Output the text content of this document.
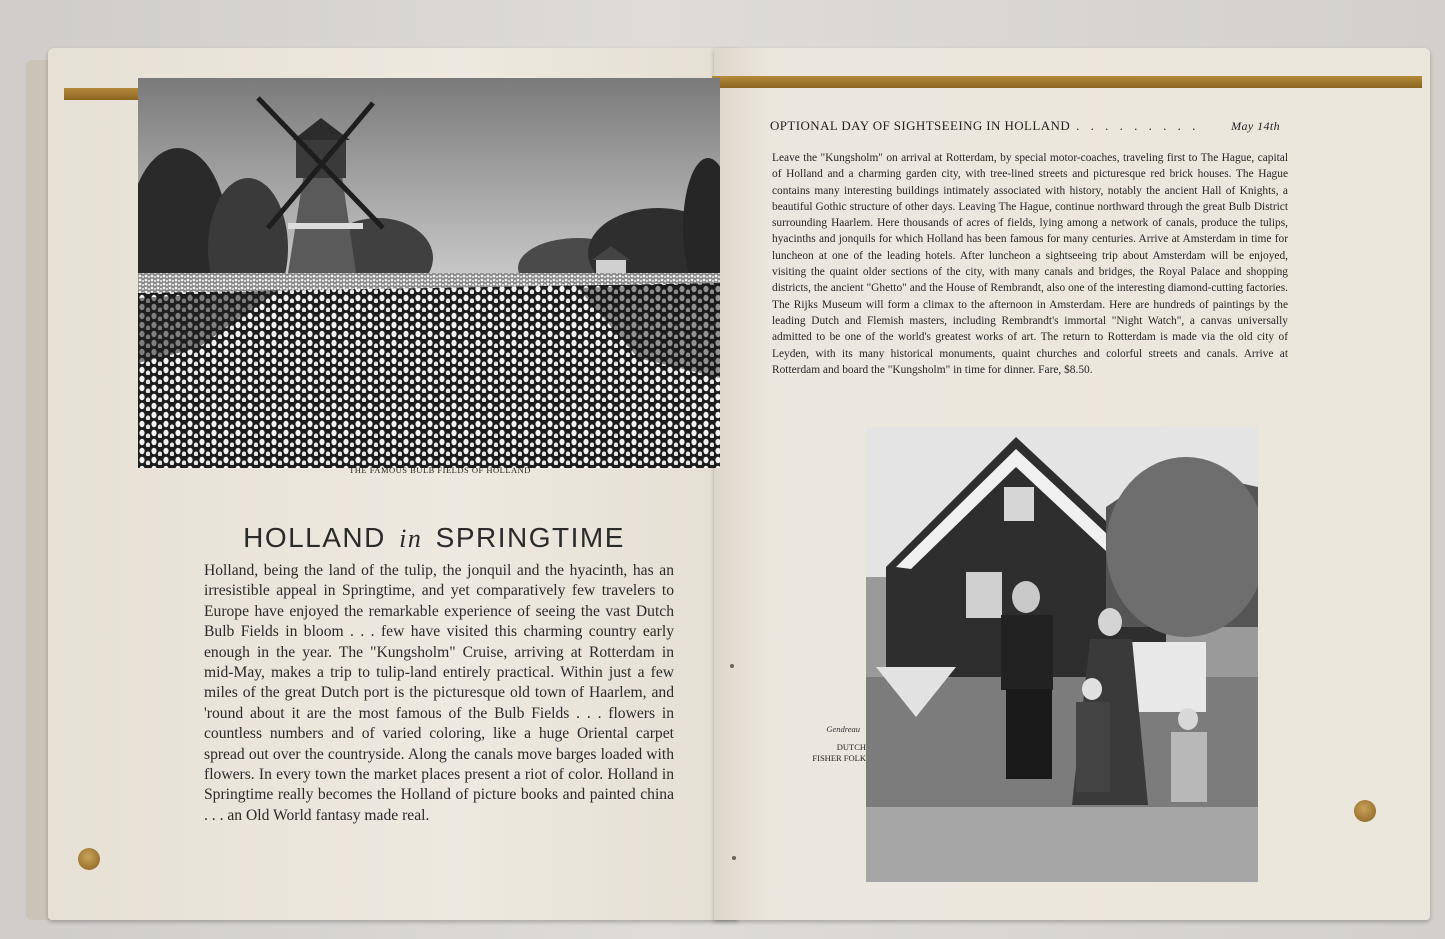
THE FAMOUS BULB FIELDS OF HOLLAND
HOLLAND in SPRINGTIME

Holland, being the land of the tulip, the jonquil and the hyacinth, has an irresistible appeal in Springtime, and yet comparatively few travelers to Europe have enjoyed the remarkable experience of seeing the vast Dutch Bulb Fields in bloom . . . few have visited this charming country early enough in the year. The "Kungsholm" Cruise, arriving at Rotterdam in mid-May, makes a trip to tulip-land entirely practical. Within just a few miles of the great Dutch port is the picturesque old town of Haarlem, and 'round about it are the most famous of the Bulb Fields . . . flowers in countless numbers and of varied coloring, like a huge Oriental carpet spread out over the countryside. Along the canals move barges loaded with flowers. In every town the market places present a riot of color. Holland in Springtime really becomes the Holland of picture books and painted china . . . an Old World fantasy made real.

OPTIONAL DAY OF SIGHTSEEING IN HOLLAND . . . . . . . . .	May 14th

Leave the "Kungsholm" on arrival at Rotterdam, by special motor-coaches, traveling first to The Hague, capital of Holland and a charming garden city, with tree-lined streets and picturesque red brick houses. The Hague contains many interesting buildings intimately associated with history, notably the ancient Hall of Knights, a beautiful Gothic structure of other days. Leaving The Hague, continue northward through the great Bulb District surrounding Haarlem. Here thousands of acres of fields, lying among a network of canals, produce the tulips, hyacinths and jonquils for which Holland has been famous for many centuries. Arrive at Amsterdam in time for luncheon at one of the leading hotels. After luncheon a sightseeing trip about Amsterdam will be enjoyed, visiting the quaint older sections of the city, with many canals and bridges, the Royal Palace and shopping districts, the ancient "Ghetto" and the House of Rembrandt, also one of the interesting diamond-cutting factories. The Rijks Museum will form a climax to the afternoon in Amsterdam. Here are hundreds of paintings by the leading Dutch and Flemish masters, including Rembrandt's immortal "Night Watch", a canvas universally admitted to be one of the world's greatest works of art. The return to Rotterdam is made via the old city of Leyden, with its many historical monuments, quaint churches and colorful streets and canals. Arrive at Rotterdam and board the "Kungsholm" in time for dinner. Fare, $8.50.

Gendreau
DUTCH
FISHER FOLK
